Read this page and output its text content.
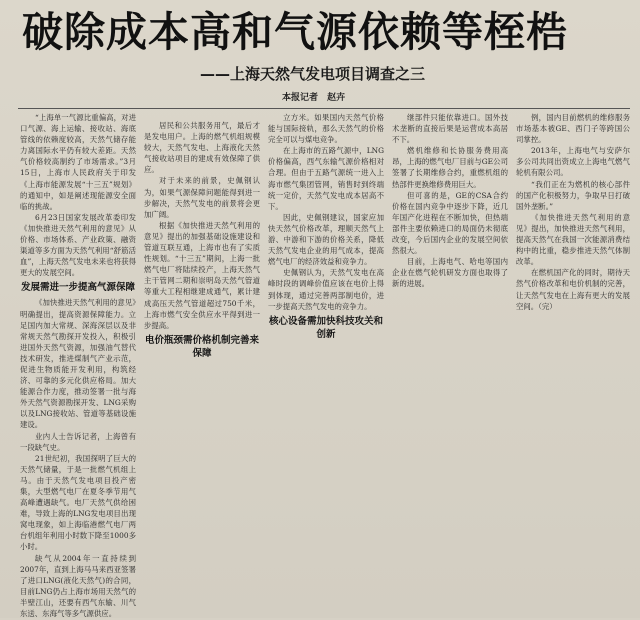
破除成本高和气源依赖等桎梏
——上海天然气发电项目调查之三
本报记者 赵卉

“上海单一气源比重偏高，对进口气源、海上运输、接收站、海底管线的依赖度较高，天然气储存能力离国际水平仍有较大差距。天然气价格较高制约了市场需求。”3月15日，上海市人民政府关于印发《上海市能源发展“十三五”规划》的通知中，如是阐述现能源安全面临的挑战。

6月23日国家发展改革委印发《加快推进天然气利用的意见》从价格、市场体系、产业政策、融资渠道等多方面为天然气利用“舒筋活血”，上海天然气发电未来也将获得更大的发展空间。

发展需进一步提高气源保障

《加快推进天然气利用的意见》明确提出，提高资源保障能力。立足国内加大常规、深海深层以及非常规天然气勘探开发投入，积极引进国外天然气资源，加强油气替代技术研发，推进煤制气产业示范，促进生物质能开发利用，构筑经济、可靠的多元化供应格局。加大能源合作力度，推动签署一批与海外天然气资源勘探开发、LNG采购以及LNG接收站、管道等基础设施建设。

业内人士告诉记者，上海曾有一段缺气史。

21世纪初，我国探明了巨大的天然气储量，于是一批燃气机组上马。由于天然气发电项目投产密集，大型燃气电厂在夏冬季节用气高峰遭遇缺气。电厂天然气供给困难，导致上海的LNG发电项目出现窝电现象，如上海临港燃气电厂两台机组年利用小时数下降至1000多小时。

缺气从2004年一直持续到2007年，直到上海马马来西亚签署了进口LNG(液化天然气)的合同，目前LNG仍占上海市场用天然气的半壁江山，还要有西气东输、川气东送、东海气等多气源供应。

居民和公共服务用气，最后才是发电用户。上海的燃气机组规模较大，天然气发电、上海液化天然气接收站项目的建成有效保障了供应。

对于未来的前景，史佩钢认为，如果气源保障问题能得到进一步解决，天然气发电的前景将会更加广阔。

根据《加快推进天然气利用的意见》提出的加强基础设施建设和管道互联互通，上海市也有了实质性规划。“十三五”期间，上海一批燃气电厂将陆续投产，上海天然气主干管网二期和崇明岛天然气管道等重大工程相继建成通气，累计建成高压天然气管道超过750千米，上海市燃气安全供应水平得到进一步提高。

电价瓶颈需价格机制完善来保障

立方米。如果国内天然气价格能与国际接轨，那么天然气的价格完全可以与煤电竞争。

在上海市的五路气源中，LNG价格偏高，西气东输气源价格相对合理。但由于五路气源统一进入上海市燃气集团管网，销售时到终端统一定价，天然气发电成本居高不下。

因此，史佩钢建议，国家应加快天然气价格改革，理顺天然气上游、中游和下游的价格关系，降低天然气发电企业的用气成本，提高燃气电厂的经济效益和竞争力。

史佩钢认为，天然气发电在高峰时段的调峰价值应该在电价上得到体现，通过完善两部制电价，进一步提高天然气发电的竞争力。

核心设备需加快科技攻关和创新

继部件只能依靠进口。国外技术垄断的直接后果是运营成本高居不下。

燃机维修和长协服务费用高昂，上海的燃气电厂目前与GE公司签署了长期维修合约，重燃机组的热部件更换维修费用巨大。

但可喜的是，GE的CSA合约价格在国内竞争中逐步下降，近几年国产化进程在不断加快，但热端部件主要依赖进口的局面仍未彻底改变，今后国内企业的发展空间依然很大。

目前，上海电气、哈电等国内企业在燃气轮机研发方面也取得了新的进展。

例，国内目前燃机的维修服务市场基本被GE、西门子等跨国公司掌控。

2013年，上海电气与安萨尔多公司共同出资成立上海电气燃气轮机有限公司。

“我们正在为燃机的核心部件的国产化积极努力，争取早日打破国外垄断。”

《加快推进天然气利用的意见》提出，加快推进天然气利用，提高天然气在我国一次能源消费结构中的比重，稳步推进天然气体制改革。

在燃机国产化的同时，期待天然气价格改革和电价机制的完善，让天然气发电在上海有更大的发展空间。（完）
